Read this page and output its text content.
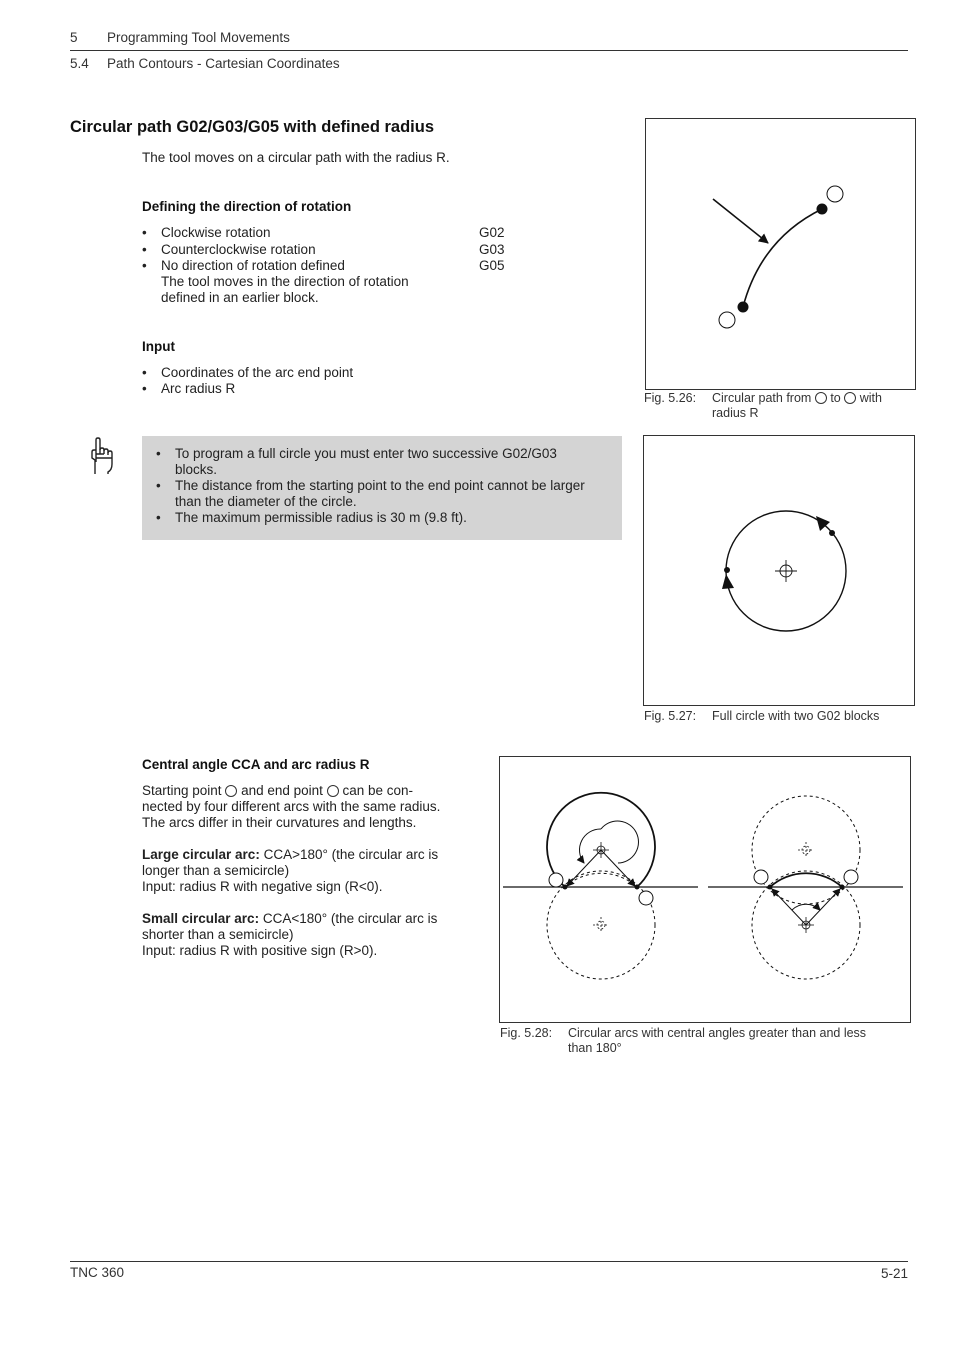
5 Programming Tool Movements
5.4 Path Contours - Cartesian Coordinates
Circular path G02/G03/G05 with defined radius
The tool moves on a circular path with the radius R.
Defining the direction of rotation
• Clockwise rotation	G02
• Counterclockwise rotation	G03
• No direction of rotation defined	G05
The tool moves in the direction of rotation
defined in an earlier block.
Input
• Coordinates of the arc end point
• Arc radius R
• To program a full circle you must enter two successive G02/G03 blocks.
• The distance from the starting point to the end point cannot be larger than the diameter of the circle.
• The maximum permissible radius is 30 m (9.8 ft).
Fig. 5.26: Circular path from to with
radius R
Fig. 5.27: Full circle with two G02 blocks
Central angle CCA and arc radius R

Starting point and end point can be con-
nected by four different arcs with the same radius.
The arcs differ in their curvatures and lengths.

Large circular arc: CCA>180° (the circular arc is
longer than a semicircle)
Input: radius R with negative sign (R<0).

Small circular arc: CCA<180° (the circular arc is
shorter than a semicircle)
Input: radius R with positive sign (R>0).

Fig. 5.28: Circular arcs with central angles greater than and less
than 180°
TNC 360	5-21
